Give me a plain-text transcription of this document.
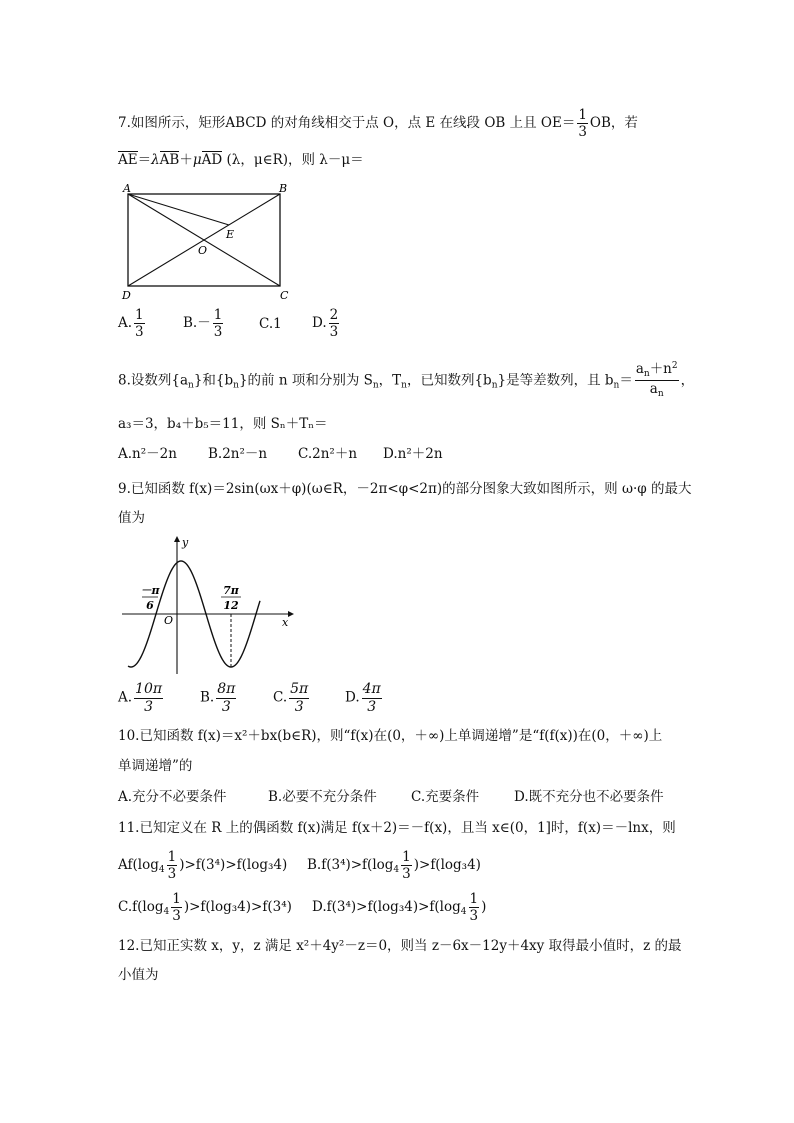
7.如图所示，矩形ABCD 的对角线相交于点 O，点 E 在线段 OB 上且 $OE= \frac{1}{3}$ OB，若
AE＝λAB＋μAD (λ，μ∈R)，则 λ－μ＝
A	B
C
D
O
E
A. $\frac{1}{3}$	$B.- \frac{1}{3}$	C.1 D. $\frac{2}{3}$
8.设数列$\{a_n\}$和$\{b_n\}$的前 n 项和分别为 $S_n$，$T_n$，已知数列$\{b_n\}$是等差数列，且 $b_n= \frac{a_n+n^2}{a_n}$ ，
a₃＝3，b₄＋b₅＝11，则 Sₙ＋Tₙ＝
A.n²－2n B.2n²－n C.2n²＋n D.n²＋2n
9.已知函数 f(x)＝2sin(ωx＋φ)(ω∈R，－2π<φ<2π)的部分图象大致如图所示，则 ω·φ 的最大
值为
y
x
O
－π
6
7π
12
A. $\frac{10\pi}{3}$	B. $\frac{8\pi}{3}$	C. $\frac{5\pi}{3}$	D. $\frac{4\pi}{3}$
10.已知函数 f(x)＝x²＋bx(b∈R)，则“f(x)在(0，＋∞)上单调递增”是“f(f(x))在(0，＋∞)上
单调递增”的
A.充分不必要条件	B.必要不充分条件	C.充要条件	D.既不充分也不必要条件
11.已知定义在 R 上的偶函数 f(x)满足 f(x＋2)＝－f(x)，且当 x∈(0，1]时，f(x)＝－lnx，则
$Af(\log_4 \frac{1}{3} )>f(3^4)>f(\log_34)$ $B.f(3^4)>f(\log_4 \frac{1}{3} )>f(\log_34)$
$C.f(\log_4 \frac{1}{3} )>f(\log_34)>f(3^4)$ $D.f(3^4)>f(\log_34)>f(\log_4 \frac{1}{3}$ )
12.已知正实数 x，y，z 满足 x²＋4y²－z＝0，则当 z－6x－12y＋4xy 取得最小值时，z 的最
小值为
